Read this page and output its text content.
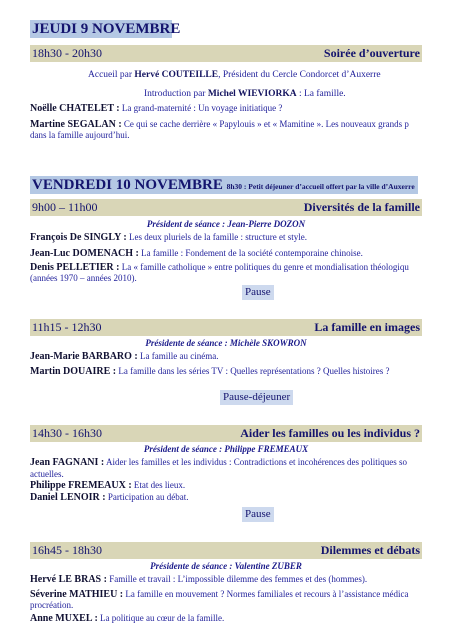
JEUDI 9 NOVEMBRE
18h30 - 20h30	Soirée d’ouverture
Accueil par Hervé COUTEILLE, Président du Cercle Condorcet d’Auxerre
Introduction par Michel WIEVIORKA : La famille.
Noëlle CHATELET : La grand-maternité : Un voyage initiatique ?
Martine SEGALAN : Ce qui se cache derrière « Papylouis » et « Mamitine ». Les nouveaux grands p
dans la famille aujourd’hui.
VENDREDI 10 NOVEMBRE 8h30 : Petit déjeuner d’accueil offert par la ville d’Auxerre
9h00 – 11h00	Diversités de la famille
Président de séance : Jean-Pierre DOZON
François De SINGLY : Les deux pluriels de la famille : structure et style.
Jean-Luc DOMENACH : La famille : Fondement de la société contemporaine chinoise.
Denis PELLETIER : La « famille catholique » entre politiques du genre et mondialisation théologiqu
(années 1970 – années 2010).
Pause
11h15 - 12h30	La famille en images
Présidente de séance : Michèle SKOWRON
Jean-Marie BARBARO : La famille au cinéma.
Martin DOUAIRE : La famille dans les séries TV : Quelles représentations ? Quelles histoires ?
Pause-déjeuner
14h30 - 16h30	Aider les familles ou les individus ?
Président de séance : Philippe FREMEAUX
Jean FAGNANI : Aider les familles et les individus : Contradictions et incohérences des politiques so
actuelles.
Philippe FREMEAUX : Etat des lieux.
Daniel LENOIR : Participation au débat.
Pause
16h45 - 18h30	Dilemmes et débats
Présidente de séance : Valentine ZUBER
Hervé LE BRAS : Famille et travail : L’impossible dilemme des femmes et des (hommes).
Séverine MATHIEU : La famille en mouvement ? Normes familiales et recours à l’assistance médica
procréation.
Anne MUXEL : La politique au cœur de la famille.
